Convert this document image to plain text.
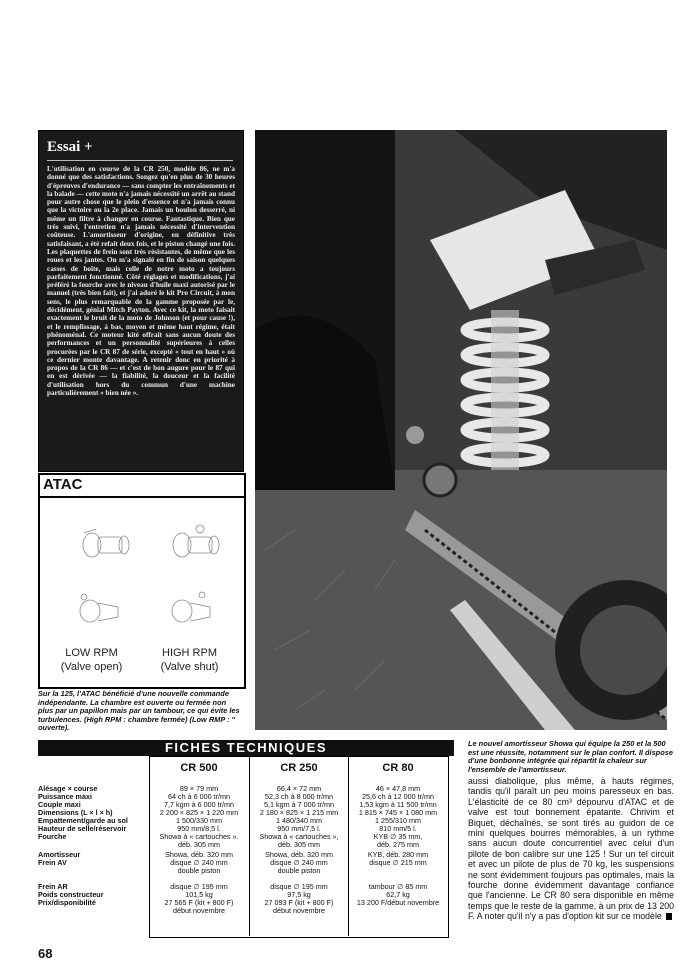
Essai +
L'utilisation en course de la CR 250, modèle 86, ne m'a donné que des satisfactions. Songez qu'en plus de 30 heures d'épreuves d'endurance — sans compter les entraînements et la balade — cette moto n'a jamais nécessité un arrêt au stand pour autre chose que le plein d'essence et n'a jamais connu que la victoire ou la 2e place. Jamais un boulon desserré, ni même un filtre à changer en course. Fantastique. Bien que très suivi, l'entretien n'a jamais nécessité d'intervention coûteuse. L'amortisseur d'origine, en définitive très satisfaisant, a été refait deux fois, et le piston changé une fois. Les plaquettes de frein sont très résistantes, de même que les roues et les jantes. On m'a signalé en fin de saison quelques casses de boîte, mais celle de notre moto a toujours parfaitement fonctionné. Côté réglages et modifications, j'ai préféré la fourche avec le niveau d'huile maxi autorisé par le manuel (très bien fait), et j'ai adoré le kit Pro Circuit, à mon sens, le plus remarquable de la gamme proposée par le, décidément, génial Mitch Payton. Avec ce kit, la moto faisait exactement le bruit de la moto de Johnson (et pour cause !), et le remplissage, à bas, moyen et même haut régime, était phénoménal. Ce moteur kité offrait sans aucun doute des performances et un personnalité supérieures à celles procurées par le CR 87 de série, excepté « tout en haut » où ce dernier monte davantage. A retenir donc en priorité à propos de la CR 86 — et c'est de bon augure pour le 87 qui en est dérivée — la fiabilité, la douceur et la facilité d'utilisation hors du commun d'une machine particulièrement « bien née ».
ATAC
LOW RPM
(Valve open)
HIGH RPM
(Valve shut)
Sur la 125, l'ATAC bénéficié d'une nouvelle commande indépendante. La chambre est ouverte ou fermée non plus par un papillon mais par un tambour, ce qui évite les turbulences. (High RPM : chambre fermée) (Low RMP : '' ouverte).
Le nouvel amortisseur Showa qui équipe la 250 et la 500 est une réussite, notamment sur le plan confort. Il dispose d'une bonbonne intégrée qui répartit la chaleur sur l'ensemble de l'amortisseur.
FICHES TECHNIQUES
CR 500	CR 250	CR 80
Alésage × course
Puissance maxi
Couple maxi
Dimensions (L × l × h)
Empattement/garde au sol
Hauteur de selle/réservoir
Fourche
Amortisseur
Frein AV
Frein AR
Poids constructeur
Prix/disponibilité
89 × 79 mm
64 ch à 6 000 tr/mn
7,7 kgm à 6 000 tr/mn
2 200 × 825 × 1 220 mm
1 500/330 mm
950 mm/8,5 l.
Showa à « cartouches ».
déb. 305 mm
Showa, déb. 320 mm
disque ∅ 240 mm
double piston
disque ∅ 195 mm
101,5 kg
27 565 F (kit + 800 F)
début novembre
66,4 × 72 mm
52,3 ch à 8 000 tr/mn
5,1 kgm à 7 000 tr/mn
2 180 × 825 × 1 215 mm
1 480/340 mm
950 mm/7,5 l.
Showa à « cartouches »,
déb. 305 mm
Showa, déb. 320 mm
disque ∅ 240 mm
double piston
disque ∅ 195 mm
97,5 kg
27 093 F (kit + 800 F)
début novembre
46 × 47,8 mm
25,6 ch à 12 000 tr/mn
1,53 kgm à 11 500 tr/mn
1 815 × 745 × 1 080 mm
1 255/310 mm
810 mm/5 l.
KYB ∅ 35 mm,
déb. 275 mm
KYB, déb. 280 mm
disque ∅ 215 mm
tambour ∅ 85 mm
62,7 kg
13 200 F/début novembre
aussi diabolique, plus même, à hauts régimes, tandis qu'il paraît un peu moins paresseux en bas. L'élasticité de ce 80 cm³ dépourvu d'ATAC et de valve est tout bonnement épatante. Chrivim et Biquet, déchaînés, se sont tirés au guidon de ce mini quelques bourres mémorables, à un rythme sans aucun doute concurrentiel avec celui d'un pilote de bon calibre sur une 125 ! Sur un tel circuit et avec un pilote de plus de 70 kg, les suspensions ne sont évidemment toujours pas optimales, mais la fourche donne évidemment davantage confiance que l'ancienne. Le CR 80 sera disponible en même temps que le reste de la gamme, à un prix de 13 200 F. A noter qu'il n'y a pas d'option kit sur ce modèle
68
